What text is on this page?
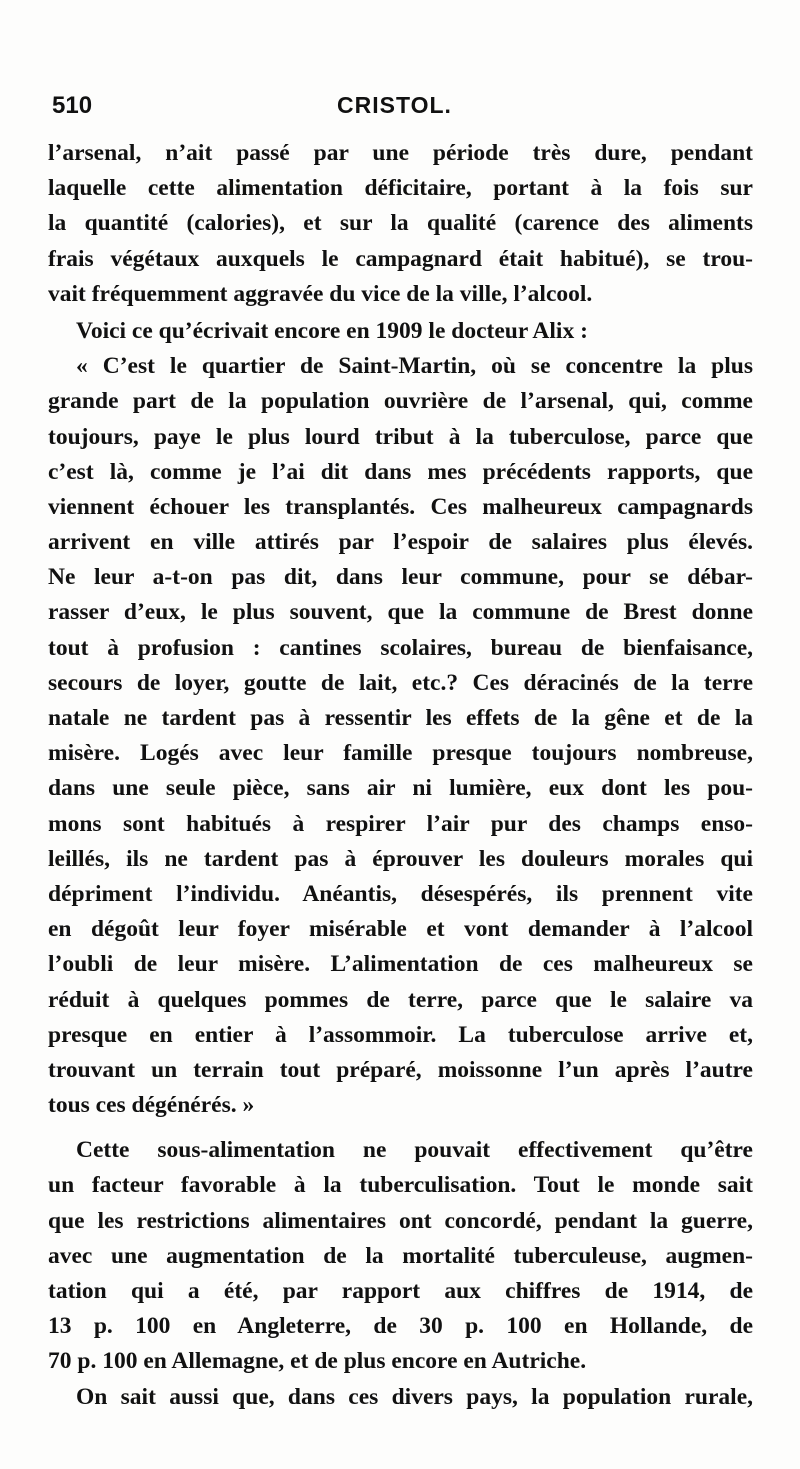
510	CRISTOL.
l’arsenal, n’ait passé par une période très dure, pendant
laquelle cette alimentation déficitaire, portant à la fois sur
la quantité (calories), et sur la qualité (carence des aliments
frais végétaux auxquels le campagnard était habitué), se trou-
vait fréquemment aggravée du vice de la ville, l’alcool.
Voici ce qu’écrivait encore en 1909 le docteur Alix :
« C’est le quartier de Saint-Martin, où se concentre la plus
grande part de la population ouvrière de l’arsenal, qui, comme
toujours, paye le plus lourd tribut à la tuberculose, parce que
c’est là, comme je l’ai dit dans mes précédents rapports, que
viennent échouer les transplantés. Ces malheureux campagnards
arrivent en ville attirés par l’espoir de salaires plus élevés.
Ne leur a-t-on pas dit, dans leur commune, pour se débar-
rasser d’eux, le plus souvent, que la commune de Brest donne
tout à profusion : cantines scolaires, bureau de bienfaisance,
secours de loyer, goutte de lait, etc.? Ces déracinés de la terre
natale ne tardent pas à ressentir les effets de la gêne et de la
misère. Logés avec leur famille presque toujours nombreuse,
dans une seule pièce, sans air ni lumière, eux dont les pou-
mons sont habitués à respirer l’air pur des champs enso-
leillés, ils ne tardent pas à éprouver les douleurs morales qui
dépriment l’individu. Anéantis, désespérés, ils prennent vite
en dégoût leur foyer misérable et vont demander à l’alcool
l’oubli de leur misère. L’alimentation de ces malheureux se
réduit à quelques pommes de terre, parce que le salaire va
presque en entier à l’assommoir. La tuberculose arrive et,
trouvant un terrain tout préparé, moissonne l’un après l’autre
tous ces dégénérés. »
Cette sous-alimentation ne pouvait effectivement qu’être
un facteur favorable à la tuberculisation. Tout le monde sait
que les restrictions alimentaires ont concordé, pendant la guerre,
avec une augmentation de la mortalité tuberculeuse, augmen-
tation qui a été, par rapport aux chiffres de 1914, de
13 p. 100 en Angleterre, de 30 p. 100 en Hollande, de
70 p. 100 en Allemagne, et de plus encore en Autriche.
On sait aussi que, dans ces divers pays, la population rurale,
